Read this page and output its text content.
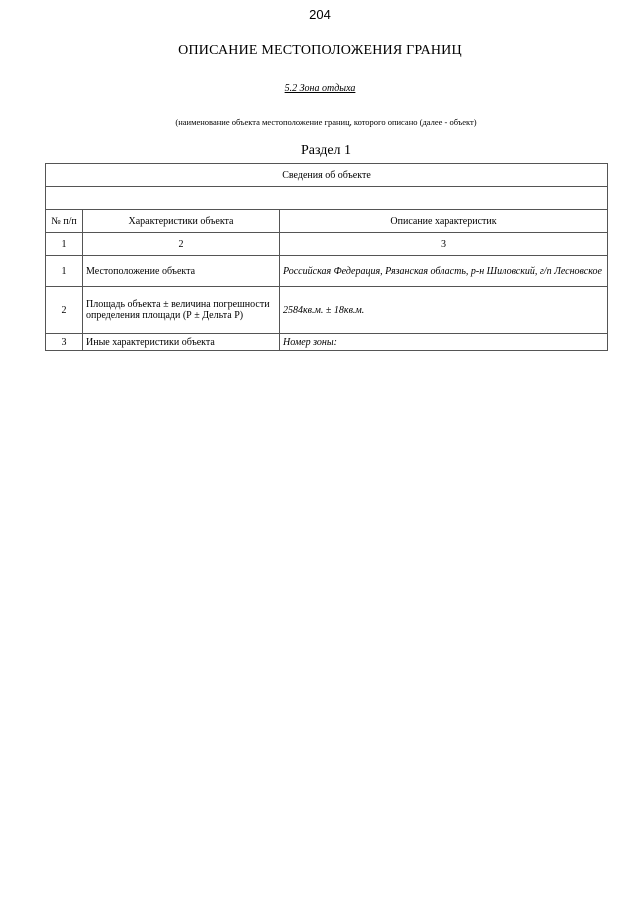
204
ОПИСАНИЕ МЕСТОПОЛОЖЕНИЯ ГРАНИЦ
5.2 Зона отдыха
(наименование объекта местоположение границ, которого описано (далее - объект)
Раздел 1
Сведения об объекте		

№ п/п	Характеристики объекта	Описание характеристик
1	2	3
1	Местоположение объекта	Российская Федерация, Рязанская область, р-н Шиловский, г/п Лесновское
2	Площадь объекта ± величина погрешности определения площади (Р ± Дельта Р)	2584кв.м. ± 18кв.м.
3	Иные характеристики объекта	Номер зоны:
